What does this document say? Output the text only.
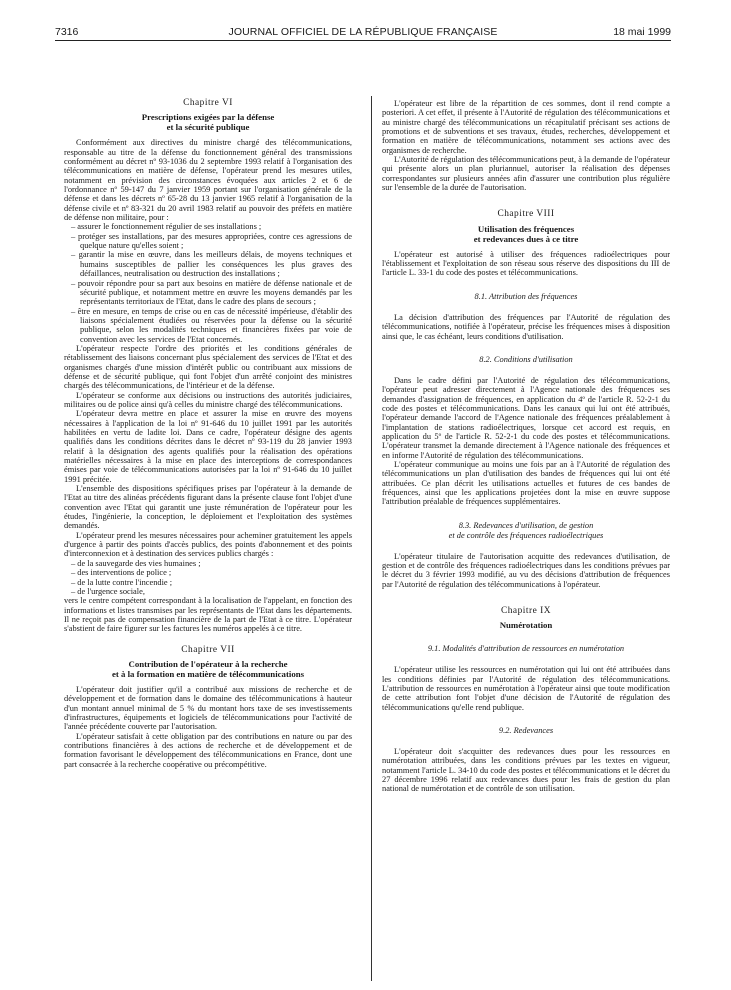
7316	JOURNAL OFFICIEL DE LA RÉPUBLIQUE FRANÇAISE	18 mai 1999

Chapitre VI

Prescriptions exigées par la défense
et la sécurité publique

Conformément aux directives du ministre chargé des télécommunications, responsable au titre de la défense du fonctionnement général des transmissions conformément au décret nº 93-1036 du 2 septembre 1993 relatif à l'organisation des télécommunications en matière de défense, l'opérateur prend les mesures utiles, notamment en prévision des circonstances évoquées aux articles 2 et 6 de l'ordonnance nº 59-147 du 7 janvier 1959 portant sur l'organisation générale de la défense et dans les décrets nº 65-28 du 13 janvier 1965 relatif à l'organisation de la défense civile et nº 83-321 du 20 avril 1983 relatif au pouvoir des préfets en matière de défense non militaire, pour :

– assurer le fonctionnement régulier de ses installations ;

– protéger ses installations, par des mesures appropriées, contre ces agressions de quelque nature qu'elles soient ;

– garantir la mise en œuvre, dans les meilleurs délais, de moyens techniques et humains susceptibles de pallier les conséquences les plus graves des défaillances, neutralisation ou destruction des installations ;

– pouvoir répondre pour sa part aux besoins en matière de défense nationale et de sécurité publique, et notamment mettre en œuvre les moyens demandés par les représentants territoriaux de l'Etat, dans le cadre des plans de secours ;

– être en mesure, en temps de crise ou en cas de nécessité impérieuse, d'établir des liaisons spécialement étudiées ou réservées pour la défense ou la sécurité publique, selon les modalités techniques et financières fixées par voie de convention avec les services de l'Etat concernés.

L'opérateur respecte l'ordre des priorités et les conditions générales de rétablissement des liaisons concernant plus spécialement des services de l'Etat et des organismes chargés d'une mission d'intérêt public ou contribuant aux missions de défense et de sécurité publique, qui font l'objet d'un arrêté conjoint des ministres chargés des télécommunications, de l'intérieur et de la défense.

L'opérateur se conforme aux décisions ou instructions des autorités judiciaires, militaires ou de police ainsi qu'à celles du ministre chargé des télécommunications.

L'opérateur devra mettre en place et assurer la mise en œuvre des moyens nécessaires à l'application de la loi nº 91-646 du 10 juillet 1991 par les autorités habilitées en vertu de ladite loi. Dans ce cadre, l'opérateur désigne des agents qualifiés dans les conditions décrites dans le décret nº 93-119 du 28 janvier 1993 relatif à la désignation des agents qualifiés pour la réalisation des opérations matérielles nécessaires à la mise en place des interceptions de correspondances émises par voie de télécommunications autorisées par la loi nº 91-646 du 10 juillet 1991 précitée.

L'ensemble des dispositions spécifiques prises par l'opérateur à la demande de l'Etat au titre des alinéas précédents figurant dans la présente clause font l'objet d'une convention avec l'Etat qui garantit une juste rémunération de l'opérateur pour les études, l'ingénierie, la conception, le déploiement et l'exploitation des systèmes demandés.

L'opérateur prend les mesures nécessaires pour acheminer gratuitement les appels d'urgence à partir des points d'accès publics, des points d'abonnement et des points d'interconnexion et à destination des services publics chargés :

– de la sauvegarde des vies humaines ;

– des interventions de police ;

– de la lutte contre l'incendie ;

– de l'urgence sociale,

vers le centre compétent correspondant à la localisation de l'appelant, en fonction des informations et listes transmises par les représentants de l'Etat dans les départements. Il ne reçoit pas de compensation financière de la part de l'Etat à ce titre. L'opérateur s'abstient de faire figurer sur les factures les numéros appelés à ce titre.

Chapitre VII

Contribution de l'opérateur à la recherche
et à la formation en matière de télécommunications

L'opérateur doit justifier qu'il a contribué aux missions de recherche et de développement et de formation dans le domaine des télécommunications à hauteur d'un montant annuel minimal de 5 % du montant hors taxe de ses investissements d'infrastructures, équipements et logiciels de télécommunications pour l'activité de l'année précédente couverte par l'autorisation.

L'opérateur satisfait à cette obligation par des contributions en nature ou par des contributions financières à des actions de recherche et de développement et de formation favorisant le développement des télécommunications en France, dont une part consacrée à la recherche coopérative ou précompétitive.

L'opérateur est libre de la répartition de ces sommes, dont il rend compte a posteriori. A cet effet, il présente à l'Autorité de régulation des télécommunications et au ministre chargé des télécommunications un récapitulatif précisant ses actions de promotions et de subventions et ses travaux, études, recherches, développement et formation en matière de télécommunications, notamment ses actions avec des organismes de recherche.

L'Autorité de régulation des télécommunications peut, à la demande de l'opérateur qui présente alors un plan pluriannuel, autoriser la réalisation des dépenses correspondantes sur plusieurs années afin d'assurer une contribution plus régulière sur l'ensemble de la durée de l'autorisation.

Chapitre VIII

Utilisation des fréquences
et redevances dues à ce titre

L'opérateur est autorisé à utiliser des fréquences radioélectriques pour l'établissement et l'exploitation de son réseau sous réserve des dispositions du III de l'article L. 33-1 du code des postes et télécommunications.

8.1. Attribution des fréquences

La décision d'attribution des fréquences par l'Autorité de régulation des télécommunications, notifiée à l'opérateur, précise les fréquences mises à disposition ainsi que, le cas échéant, leurs conditions d'utilisation.

8.2. Conditions d'utilisation

Dans le cadre défini par l'Autorité de régulation des télécommunications, l'opérateur peut adresser directement à l'Agence nationale des fréquences ses demandes d'assignation de fréquences, en application du 4º de l'article R. 52-2-1 du code des postes et télécommunications. Dans les canaux qui lui ont été attribués, l'opérateur demande l'accord de l'Agence nationale des fréquences préalablement à l'implantation de stations radioélectriques, lorsque cet accord est requis, en application du 5º de l'article R. 52-2-1 du code des postes et télécommunications. L'opérateur transmet la demande directement à l'Agence nationale des fréquences et en informe l'Autorité de régulation des télécommunications.

L'opérateur communique au moins une fois par an à l'Autorité de régulation des télécommunications un plan d'utilisation des bandes de fréquences qui lui ont été attribuées. Ce plan décrit les utilisations actuelles et futures de ces bandes de fréquences, ainsi que les applications projetées dont la mise en œuvre suppose l'attribution préalable de fréquences supplémentaires.

8.3. Redevances d'utilisation, de gestion
et de contrôle des fréquences radioélectriques

L'opérateur titulaire de l'autorisation acquitte des redevances d'utilisation, de gestion et de contrôle des fréquences radioélectriques dans les conditions prévues par le décret du 3 février 1993 modifié, au vu des décisions d'attribution de fréquences par l'Autorité de régulation des télécommunications à l'opérateur.

Chapitre IX

Numérotation

9.1. Modalités d'attribution de ressources en numérotation

L'opérateur utilise les ressources en numérotation qui lui ont été attribuées dans les conditions définies par l'Autorité de régulation des télécommunications. L'attribution de ressources en numérotation à l'opérateur ainsi que toute modification de cette attribution font l'objet d'une décision de l'Autorité de régulation des télécommunications qu'elle rend publique.

9.2. Redevances

L'opérateur doit s'acquitter des redevances dues pour les ressources en numérotation attribuées, dans les conditions prévues par les textes en vigueur, notamment l'article L. 34-10 du code des postes et télécommunications et le décret du 27 décembre 1996 relatif aux redevances dues pour les frais de gestion du plan national de numérotation et de contrôle de son utilisation.
